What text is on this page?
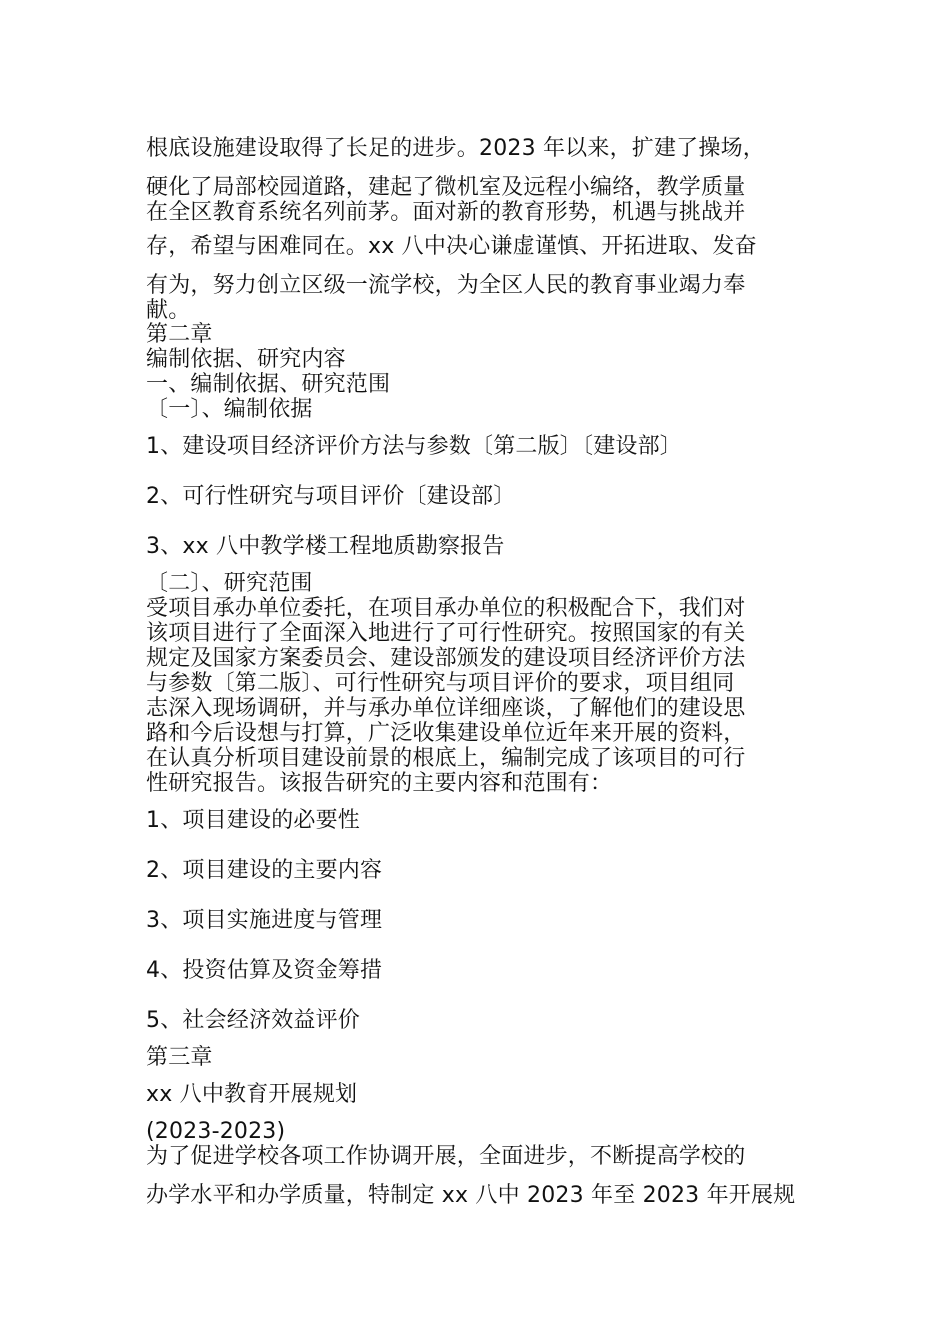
根底设施建设取得了长足的进步。2023 年以来，扩建了操场，

硬化了局部校园道路，建起了微机室及远程小编络，教学质量

在全区教育系统名列前茅。面对新的教育形势，机遇与挑战并

存，希望与困难同在。xx 八中决心谦虚谨慎、开拓进取、发奋

有为，努力创立区级一流学校，为全区人民的教育事业竭力奉

献。

第二章

编制依据、研究内容

一、编制依据、研究范围

〔一〕、编制依据

1、建设项目经济评价方法与参数〔第二版〕〔建设部〕

2、可行性研究与项目评价〔建设部〕

3、xx 八中教学楼工程地质勘察报告

〔二〕、研究范围

受项目承办单位委托，在项目承办单位的积极配合下，我们对

该项目进行了全面深入地进行了可行性研究。按照国家的有关

规定及国家方案委员会、建设部颁发的建设项目经济评价方法

与参数〔第二版〕、可行性研究与项目评价的要求，项目组同

志深入现场调研，并与承办单位详细座谈，了解他们的建设思

路和今后设想与打算，广泛收集建设单位近年来开展的资料，

在认真分析项目建设前景的根底上，编制完成了该项目的可行

性研究报告。该报告研究的主要内容和范围有：

1、项目建设的必要性

2、项目建设的主要内容

3、项目实施进度与管理

4、投资估算及资金筹措

5、社会经济效益评价

第三章

xx 八中教育开展规划

(2023-2023)

为了促进学校各项工作协调开展，全面进步，不断提高学校的

办学水平和办学质量，特制定 xx 八中 2023 年至 2023 年开展规
